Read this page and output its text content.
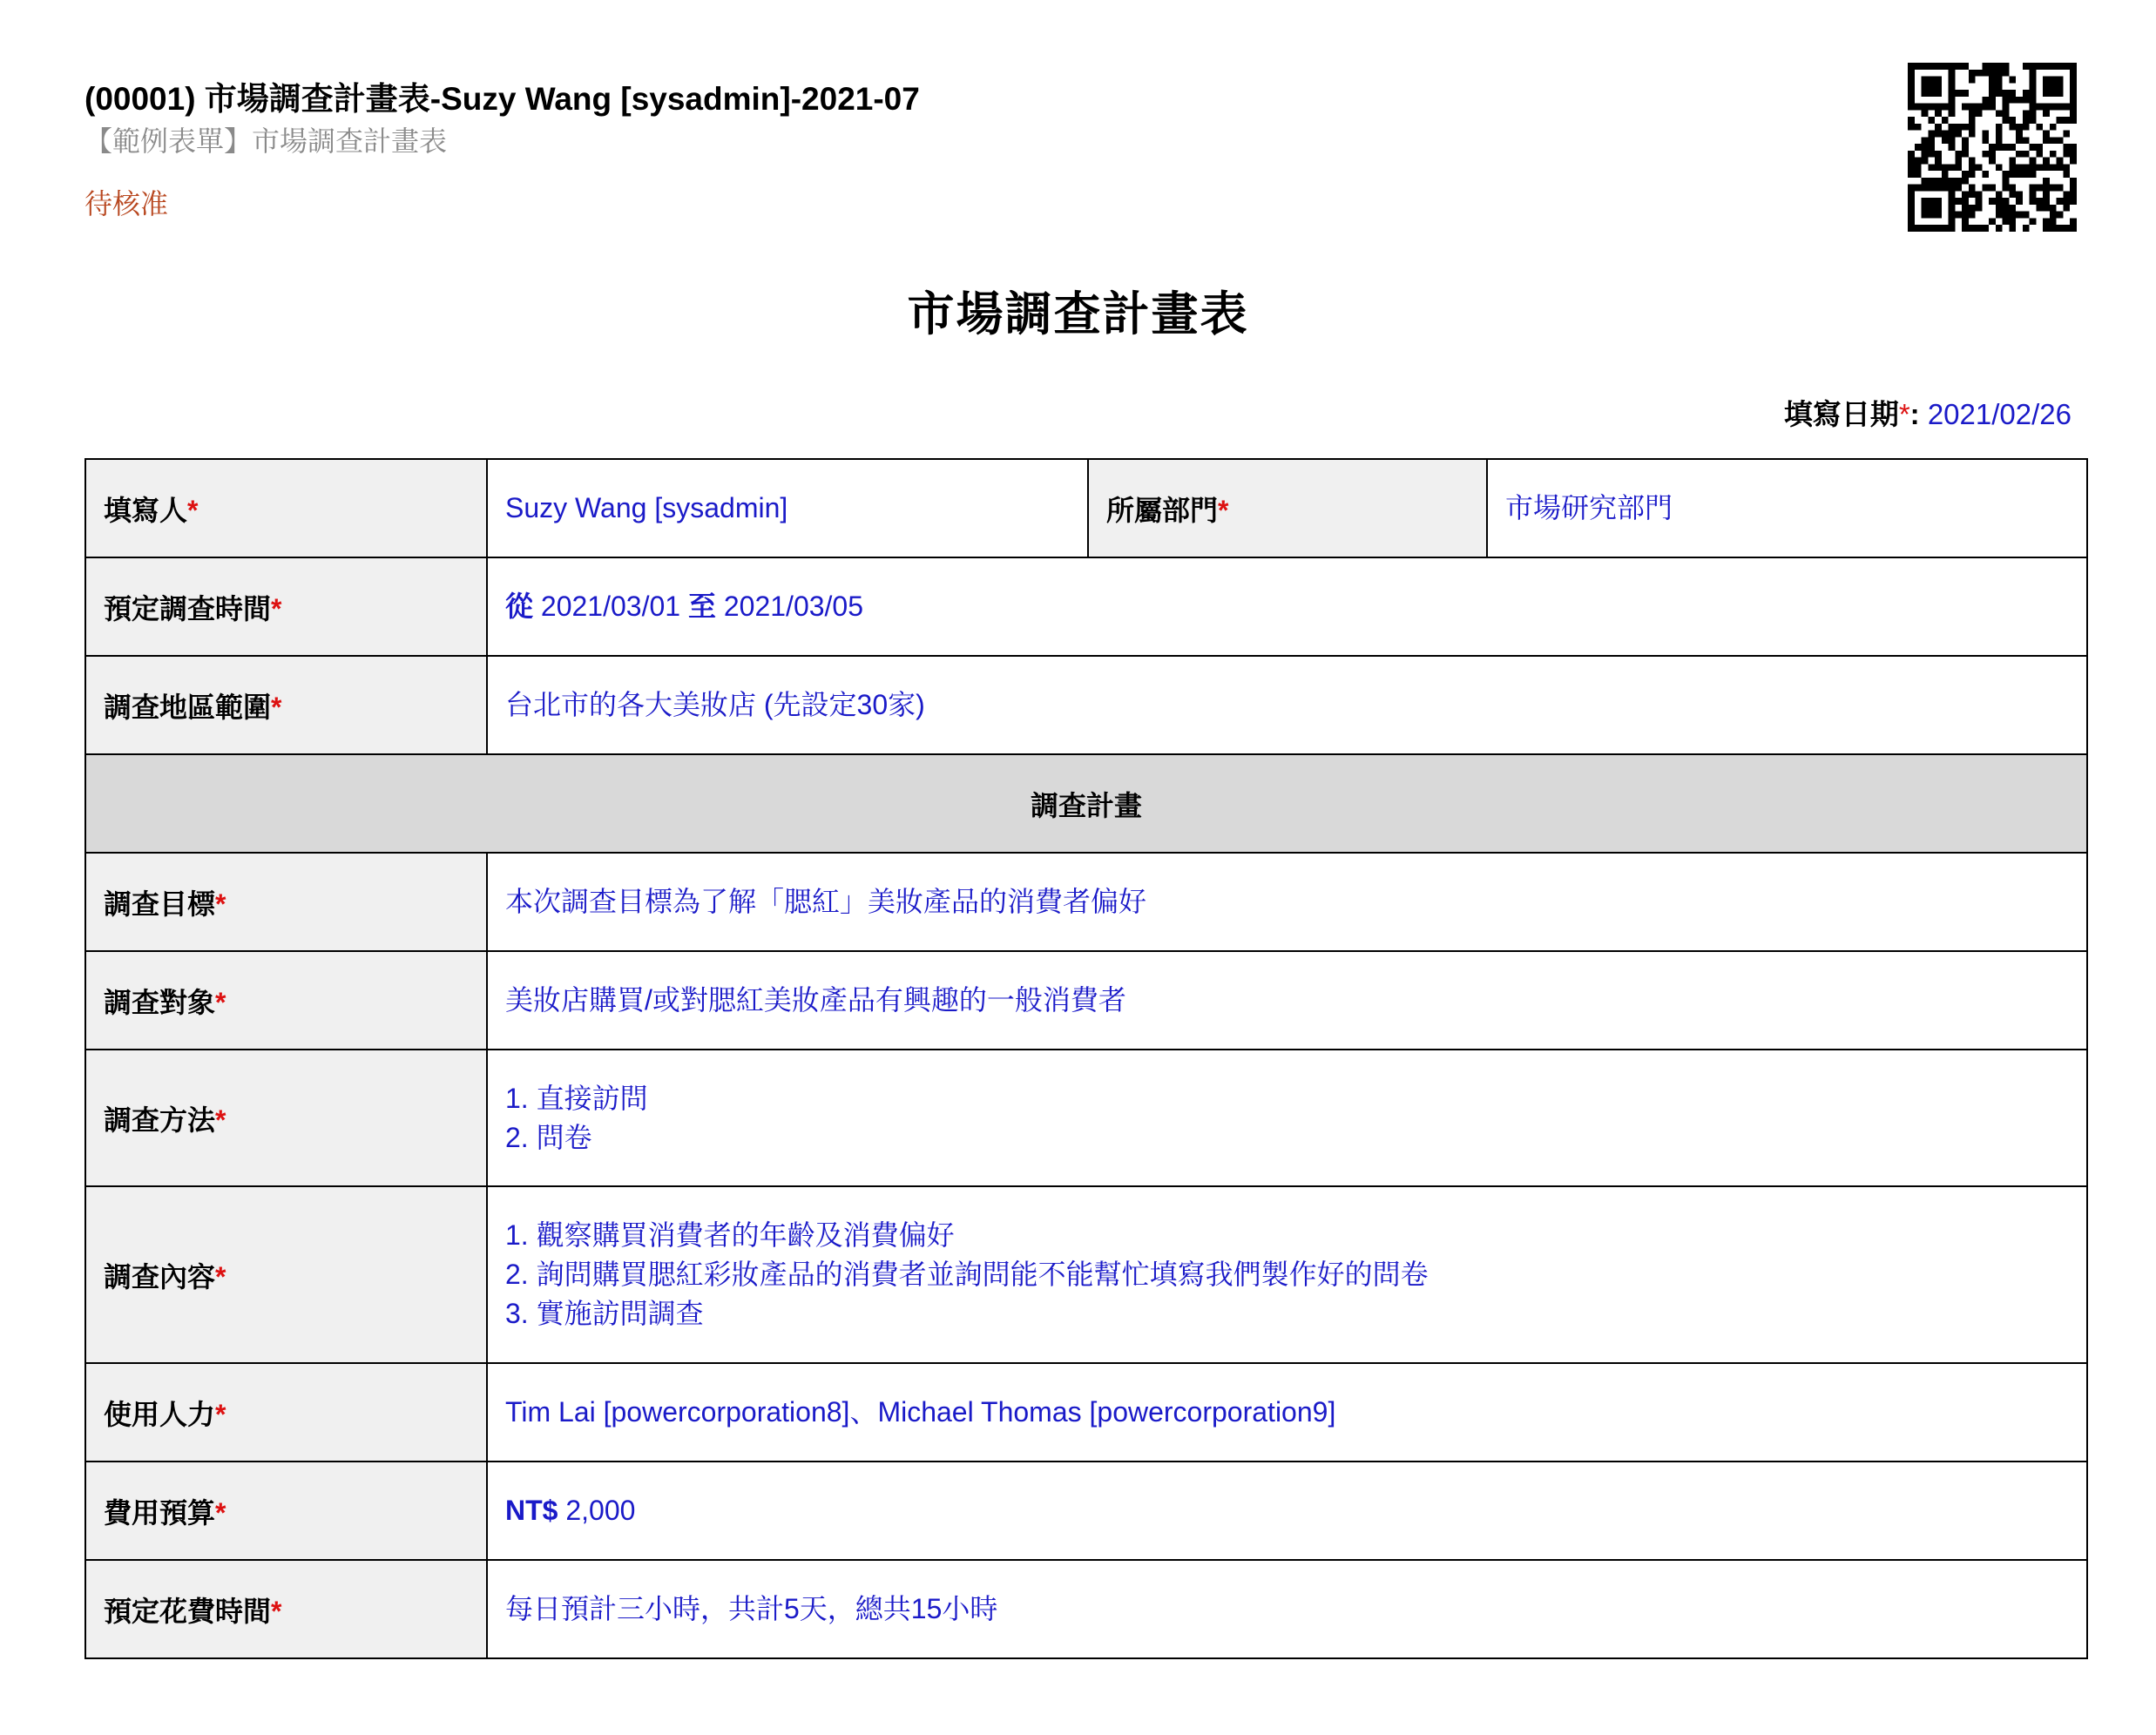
(00001) 市場調查計畫表-Suzy Wang [sysadmin]-2021-07
【範例表單】市場調查計畫表
待核准
市場調查計畫表
填寫日期*: 2021/02/26
填寫人*	Suzy Wang [sysadmin]	所屬部門*	市場研究部門
預定調查時間*	從 2021/03/01 至 2021/03/05		
調查地區範圍*	台北市的各大美妝店 (先設定30家)		
調查計畫			
調查目標*	本次調查目標為了解「腮紅」美妝產品的消費者偏好		
調查對象*	美妝店購買/或對腮紅美妝產品有興趣的一般消費者		
調查方法*	1. 直接訪問
2. 問卷		

調查內容*	1. 觀察購買消費者的年齡及消費偏好
2. 詢問購買腮紅彩妝產品的消費者並詢問能不能幫忙填寫我們製作好的問卷
3. 實施訪問調查		

使用人力*	Tim Lai [powercorporation8]、Michael Thomas [powercorporation9]		
費用預算*	NT$ 2,000		
預定花費時間*	每日預計三小時，共計5天，總共15小時		
